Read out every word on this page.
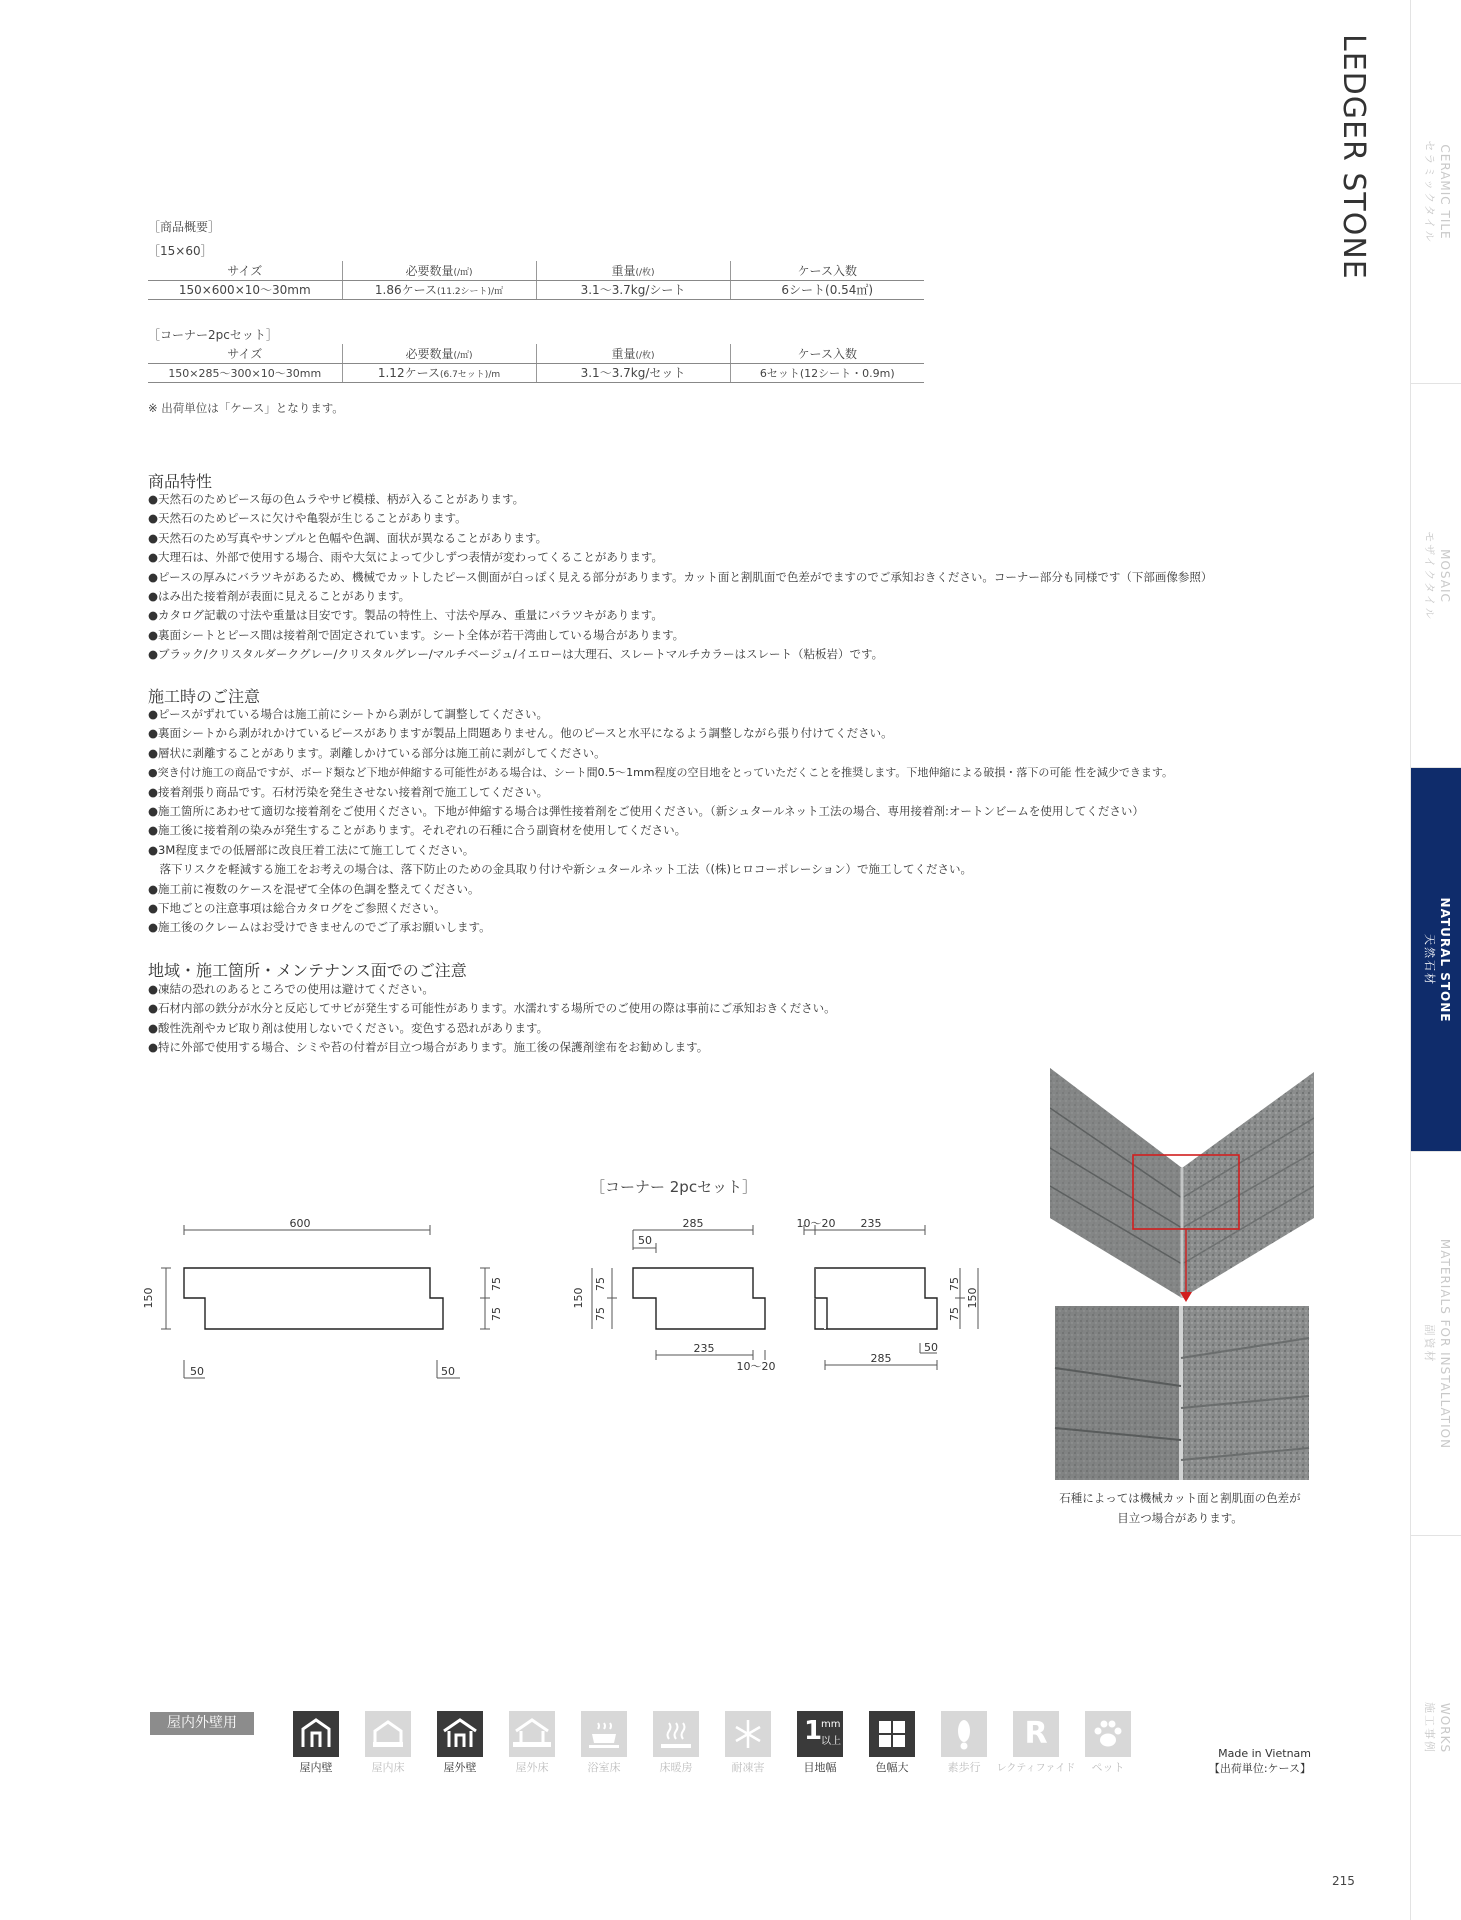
CERAMIC TILE
セラミックタイル
MOSAIC
モザイクタイル
NATURAL STONE
天然石材
MATERIALS FOR INSTALLATION
副資材
WORKS
施工事例
LEDGER STONE
［商品概要］
［15×60］
サイズ	必要数量(/㎡)	重量(/枚)	ケース入数
150×600×10〜30mm	1.86ケース(11.2シート)/㎡	3.1〜3.7kg/シート	6シート(0.54㎡)
［コーナー2pcセット］
サイズ	必要数量(/㎡)	重量(/枚)	ケース入数
150×285〜300×10〜30mm	1.12ケース(6.7セット)/m	3.1〜3.7kg/セット	6セット(12シート・0.9m)
※ 出荷単位は「ケース」となります。
商品特性
●天然石のためピース毎の色ムラやサビ模様、柄が入ることがあります。
●天然石のためピースに欠けや亀裂が生じることがあります。
●天然石のため写真やサンプルと色幅や色調、面状が異なることがあります。
●大理石は、外部で使用する場合、雨や大気によって少しずつ表情が変わってくることがあります。
●ピースの厚みにバラツキがあるため、機械でカットしたピース側面が白っぽく見える部分があります。カット面と割肌面で色差がでますのでご承知おきください。コーナー部分も同様です（下部画像参照）
●はみ出た接着剤が表面に見えることがあります。
●カタログ記載の寸法や重量は目安です。製品の特性上、寸法や厚み、重量にバラツキがあります。
●裏面シートとピース間は接着剤で固定されています。シート全体が若干湾曲している場合があります。
●ブラック/クリスタルダークグレー/クリスタルグレー/マルチベージュ/イエローは大理石、スレートマルチカラーはスレート（粘板岩）です。
施工時のご注意
●ピースがずれている場合は施工前にシートから剥がして調整してください。
●裏面シートから剥がれかけているピースがありますが製品上問題ありません。他のピースと水平になるよう調整しながら張り付けてください。
●層状に剥離することがあります。剥離しかけている部分は施工前に剥がしてください。
●突き付け施工の商品ですが、ボード類など下地が伸縮する可能性がある場合は、シート間0.5〜1mm程度の空目地をとっていただくことを推奨します。下地伸縮による破損・落下の可能 性を減少できます。
●接着剤張り商品です。石材汚染を発生させない接着剤で施工してください。
●施工箇所にあわせて適切な接着剤をご使用ください。下地が伸縮する場合は弾性接着剤をご使用ください。（新シュタールネット工法の場合、専用接着剤:オートンビームを使用してください）
●施工後に接着剤の染みが発生することがあります。それぞれの石種に合う副資材を使用してください。
●3M程度までの低層部に改良圧着工法にて施工してください。
　落下リスクを軽減する施工をお考えの場合は、落下防止のための金具取り付けや新シュタールネット工法（(株)ヒロコーポレーション）で施工してください。
●施工前に複数のケースを混ぜて全体の色調を整えてください。
●下地ごとの注意事項は総合カタログをご参照ください。
●施工後のクレームはお受けできませんのでご了承お願いします。
地域・施工箇所・メンテナンス面でのご注意
●凍結の恐れのあるところでの使用は避けてください。
●石材内部の鉄分が水分と反応してサビが発生する可能性があります。水濡れする場所でのご使用の際は事前にご承知おきください。
●酸性洗剤やカビ取り剤は使用しないでください。変色する恐れがあります。
●特に外部で使用する場合、シミや苔の付着が目立つ場合があります。施工後の保護剤塗布をお勧めします。
［コーナー 2pcセット］
600
150
75
75
50	50
285
50
150
75
75
235
10〜20
10〜20 235
75
75
150
285
50
石種によっては機械カット面と割肌面の色差が
目立つ場合があります。
屋内外壁用
屋内壁	屋内床	屋外壁	屋外床	浴室床	床暖房	耐凍害
1
mm
以上
目地幅	色幅大	素歩行
R
レクティファイド	ペット
Made in Vietnam
【出荷単位:ケース】
215
